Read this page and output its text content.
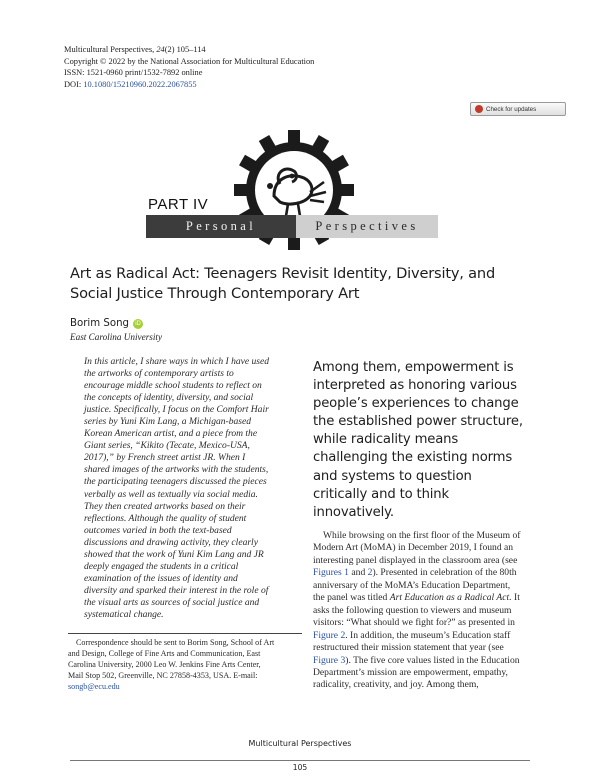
Multicultural Perspectives, 24(2) 105–114
Copyright © 2022 by the National Association for Multicultural Education
ISSN: 1521-0960 print/1532-7892 online
DOI: 10.1080/15210960.2022.2067855
Check for updates
PART IV
Personal	Perspectives
Art as Radical Act: Teenagers Revisit Identity, Diversity, and Social Justice Through Contemporary Art
Borim Song	iD
East Carolina University
In this article, I share ways in which I have used
the artworks of contemporary artists to
encourage middle school students to reflect on
the concepts of identity, diversity, and social
justice. Specifically, I focus on the Comfort Hair
series by Yuni Kim Lang, a Michigan-based
Korean American artist, and a piece from the
Giant series, “Kikito (Tecate, Mexico-USA,
2017),” by French street artist JR. When I
shared images of the artworks with the students,
the participating teenagers discussed the pieces
verbally as well as textually via social media.
They then created artworks based on their
reflections. Although the quality of student
outcomes varied in both the text-based
discussions and drawing activity, they clearly
showed that the work of Yuni Kim Lang and JR
deeply engaged the students in a critical
examination of the issues of identity and
diversity and sparked their interest in the role of
the visual arts as sources of social justice and
systematical change.
Correspondence should be sent to Borim Song, School of Art
and Design, College of Fine Arts and Communication, East
Carolina University, 2000 Leo W. Jenkins Fine Arts Center,
Mail Stop 502, Greenville, NC 27858-4353, USA. E-mail:
songb@ecu.edu
Among them, empowerment is
interpreted as honoring various
people’s experiences to change
the established power structure,
while radicality means
challenging the existing norms
and systems to question
critically and to think
innovatively.
While browsing on the first floor of the Museum of
Modern Art (MoMA) in December 2019, I found an
interesting panel displayed in the classroom area (see
Figures 1 and 2). Presented in celebration of the 80th
anniversary of the MoMA’s Education Department,
the panel was titled Art Education as a Radical Act. It
asks the following question to viewers and museum
visitors: “What should we fight for?” as presented in
Figure 2. In addition, the museum’s Education staff
restructured their mission statement that year (see
Figure 3). The five core values listed in the Education
Department’s mission are empowerment, empathy,
radicality, creativity, and joy. Among them,
Multicultural Perspectives
105
